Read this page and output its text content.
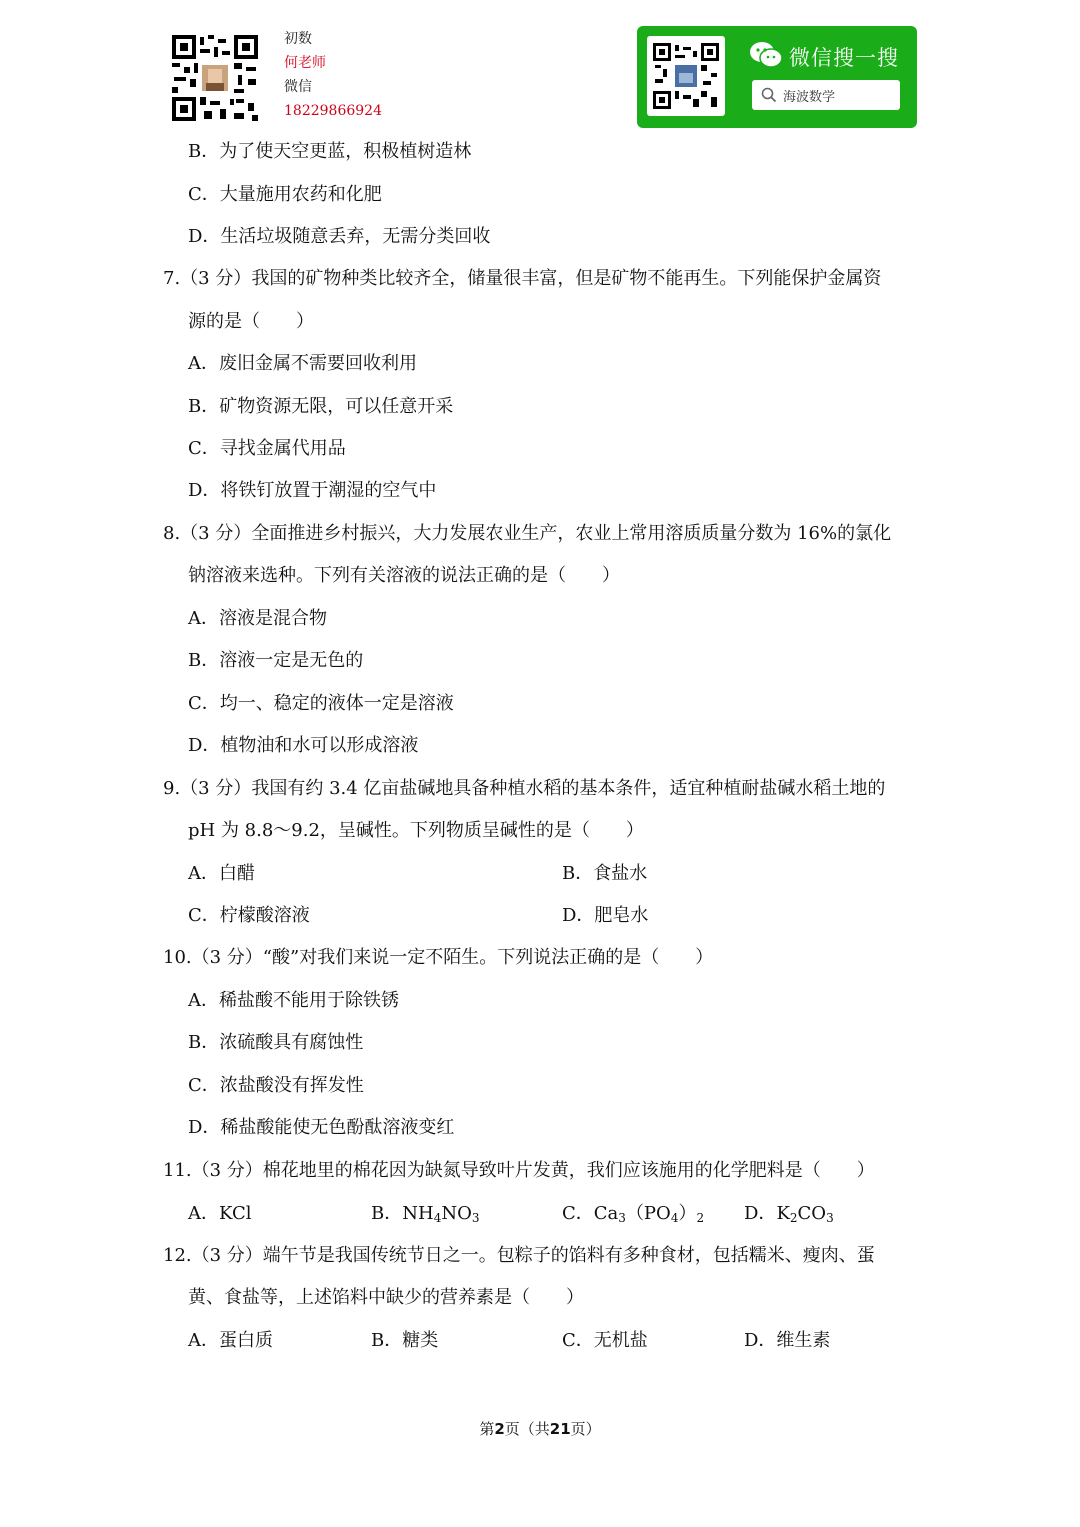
初数
何老师
微信
18229866924
微信搜一搜
海波数学
B．为了使天空更蓝，积极植树造林
C．大量施用农药和化肥
D．生活垃圾随意丢弃，无需分类回收
7.（3 分）我国的矿物种类比较齐全，储量很丰富，但是矿物不能再生。下列能保护金属资
源的是（　　）
A．废旧金属不需要回收利用
B．矿物资源无限，可以任意开采
C．寻找金属代用品
D．将铁钉放置于潮湿的空气中
8.（3 分）全面推进乡村振兴，大力发展农业生产，农业上常用溶质质量分数为 16%的氯化
钠溶液来选种。下列有关溶液的说法正确的是（　　）
A．溶液是混合物
B．溶液一定是无色的
C．均一、稳定的液体一定是溶液
D．植物油和水可以形成溶液
9.（3 分）我国有约 3.4 亿亩盐碱地具备种植水稻的基本条件，适宜种植耐盐碱水稻土地的
pH 为 8.8～9.2，呈碱性。下列物质呈碱性的是（　　）
A．白醋	B．食盐水
C．柠檬酸溶液	D．肥皂水
10.（3 分）“酸”对我们来说一定不陌生。下列说法正确的是（　　）
A．稀盐酸不能用于除铁锈
B．浓硫酸具有腐蚀性
C．浓盐酸没有挥发性
D．稀盐酸能使无色酚酞溶液变红
11.（3 分）棉花地里的棉花因为缺氮导致叶片发黄，我们应该施用的化学肥料是（　　）
A．KCl	B．$NH_4NO_3$	C．$Ca_3(PO_4)_2$ D．$K_2CO_3$
12.（3 分）端午节是我国传统节日之一。包粽子的馅料有多种食材，包括糯米、瘦肉、蛋
黄、食盐等，上述馅料中缺少的营养素是（　　）
A．蛋白质	B．糖类	C．无机盐	D．维生素
第2页（共21页）
